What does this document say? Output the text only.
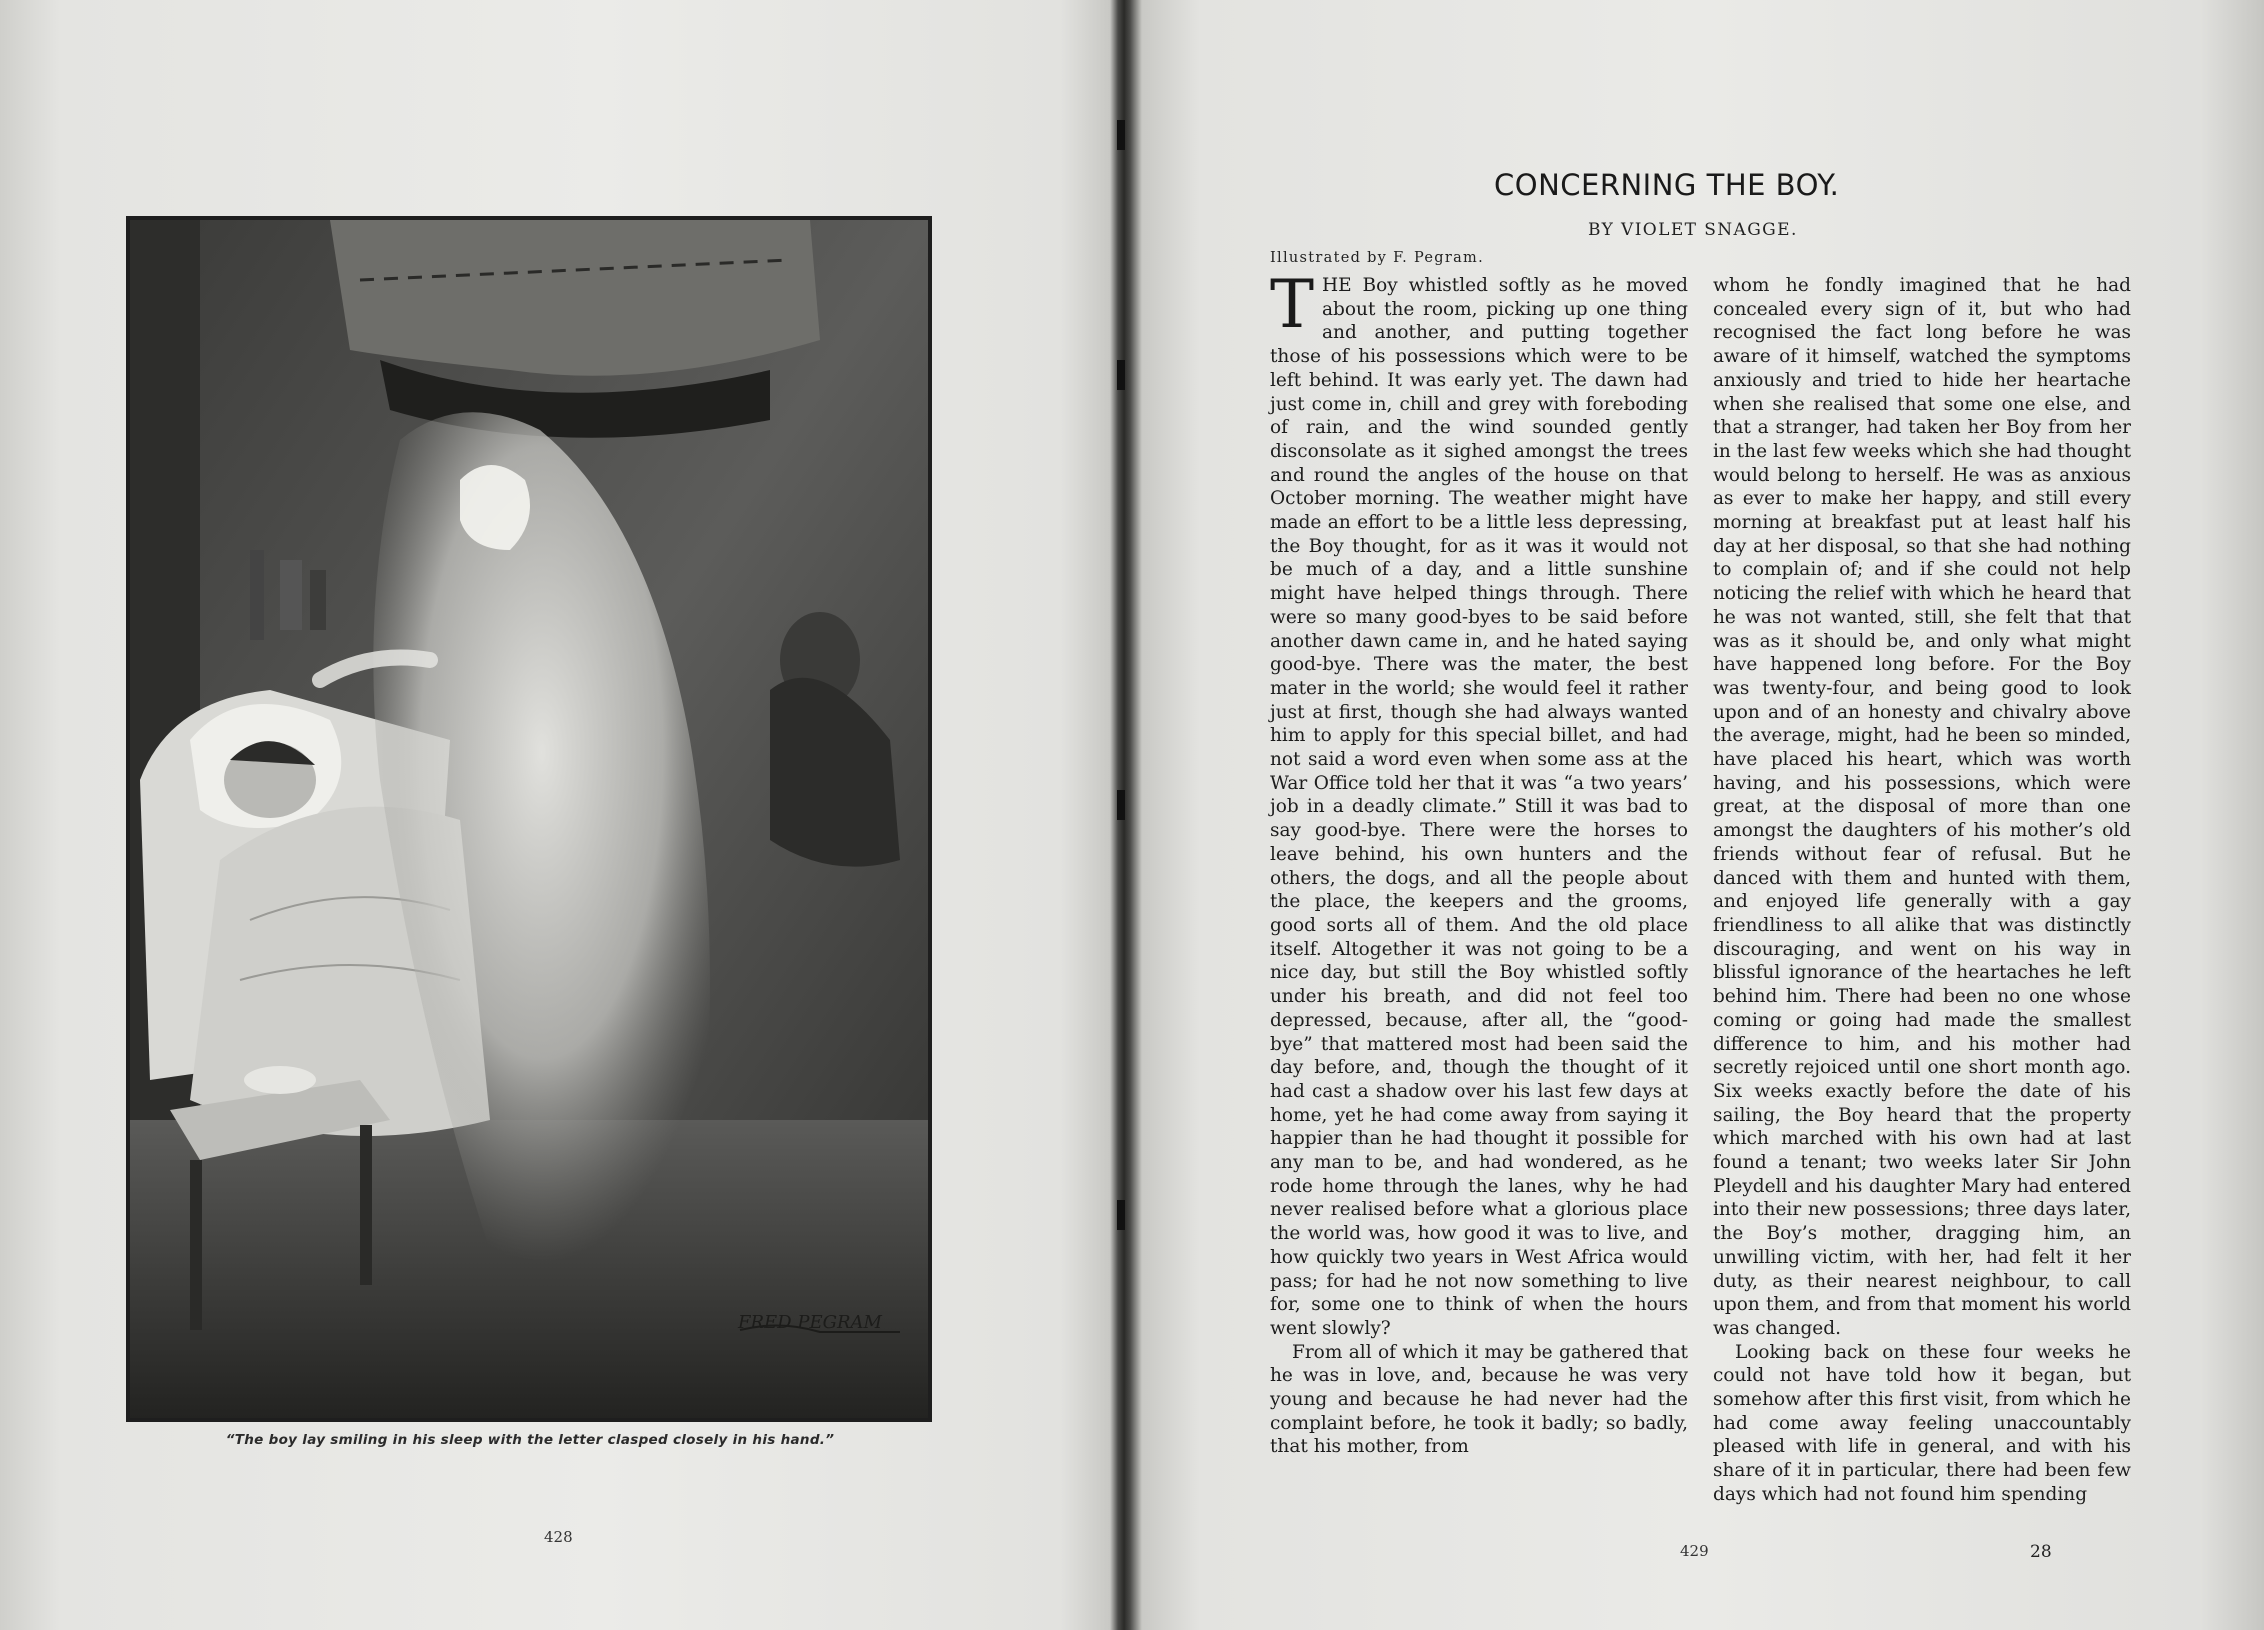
FRED PEGRAM
“The boy lay smiling in his sleep with the letter clasped closely in his hand.”
428
CONCERNING THE BOY.
BY VIOLET SNAGGE.
Illustrated by F. Pegram.

THE Boy whistled softly as he moved about the room, picking up one thing and another, and putting together those of his possessions which were to be left behind. It was early yet. The dawn had just come in, chill and grey with foreboding of rain, and the wind sounded gently disconsolate as it sighed amongst the trees and round the angles of the house on that October morning. The weather might have made an effort to be a little less depressing, the Boy thought, for as it was it would not be much of a day, and a little sunshine might have helped things through. There were so many good-byes to be said before another dawn came in, and he hated saying good-bye. There was the mater, the best mater in the world; she would feel it rather just at first, though she had always wanted him to apply for this special billet, and had not said a word even when some ass at the War Office told her that it was “a two years’ job in a deadly climate.” Still it was bad to say good-bye. There were the horses to leave behind, his own hunters and the others, the dogs, and all the people about the place, the keepers and the grooms, good sorts all of them. And the old place itself. Altogether it was not going to be a nice day, but still the Boy whistled softly under his breath, and did not feel too depressed, because, after all, the “good-bye” that mattered most had been said the day before, and, though the thought of it had cast a shadow over his last few days at home, yet he had come away from saying it happier than he had thought it possible for any man to be, and had wondered, as he rode home through the lanes, why he had never realised before what a glorious place the world was, how good it was to live, and how quickly two years in West Africa would pass; for had he not now something to live for, some one to think of when the hours went slowly?

From all of which it may be gathered that he was in love, and, because he was very young and because he had never had the complaint before, he took it badly; so badly, that his mother, from

whom he fondly imagined that he had concealed every sign of it, but who had recognised the fact long before he was aware of it himself, watched the symptoms anxiously and tried to hide her heartache when she realised that some one else, and that a stranger, had taken her Boy from her in the last few weeks which she had thought would belong to herself. He was as anxious as ever to make her happy, and still every morning at breakfast put at least half his day at her disposal, so that she had nothing to complain of; and if she could not help noticing the relief with which he heard that he was not wanted, still, she felt that that was as it should be, and only what might have happened long before. For the Boy was twenty-four, and being good to look upon and of an honesty and chivalry above the average, might, had he been so minded, have placed his heart, which was worth having, and his possessions, which were great, at the disposal of more than one amongst the daughters of his mother’s old friends without fear of refusal. But he danced with them and hunted with them, and enjoyed life generally with a gay friendliness to all alike that was distinctly discouraging, and went on his way in blissful ignorance of the heartaches he left behind him. There had been no one whose coming or going had made the smallest difference to him, and his mother had secretly rejoiced until one short month ago. Six weeks exactly before the date of his sailing, the Boy heard that the property which marched with his own had at last found a tenant; two weeks later Sir John Pleydell and his daughter Mary had entered into their new possessions; three days later, the Boy’s mother, dragging him, an unwilling victim, with her, had felt it her duty, as their nearest neighbour, to call upon them, and from that moment his world was changed.

Looking back on these four weeks he could not have told how it began, but somehow after this first visit, from which he had come away feeling unaccountably pleased with life in general, and with his share of it in particular, there had been few days which had not found him spending

429	28
